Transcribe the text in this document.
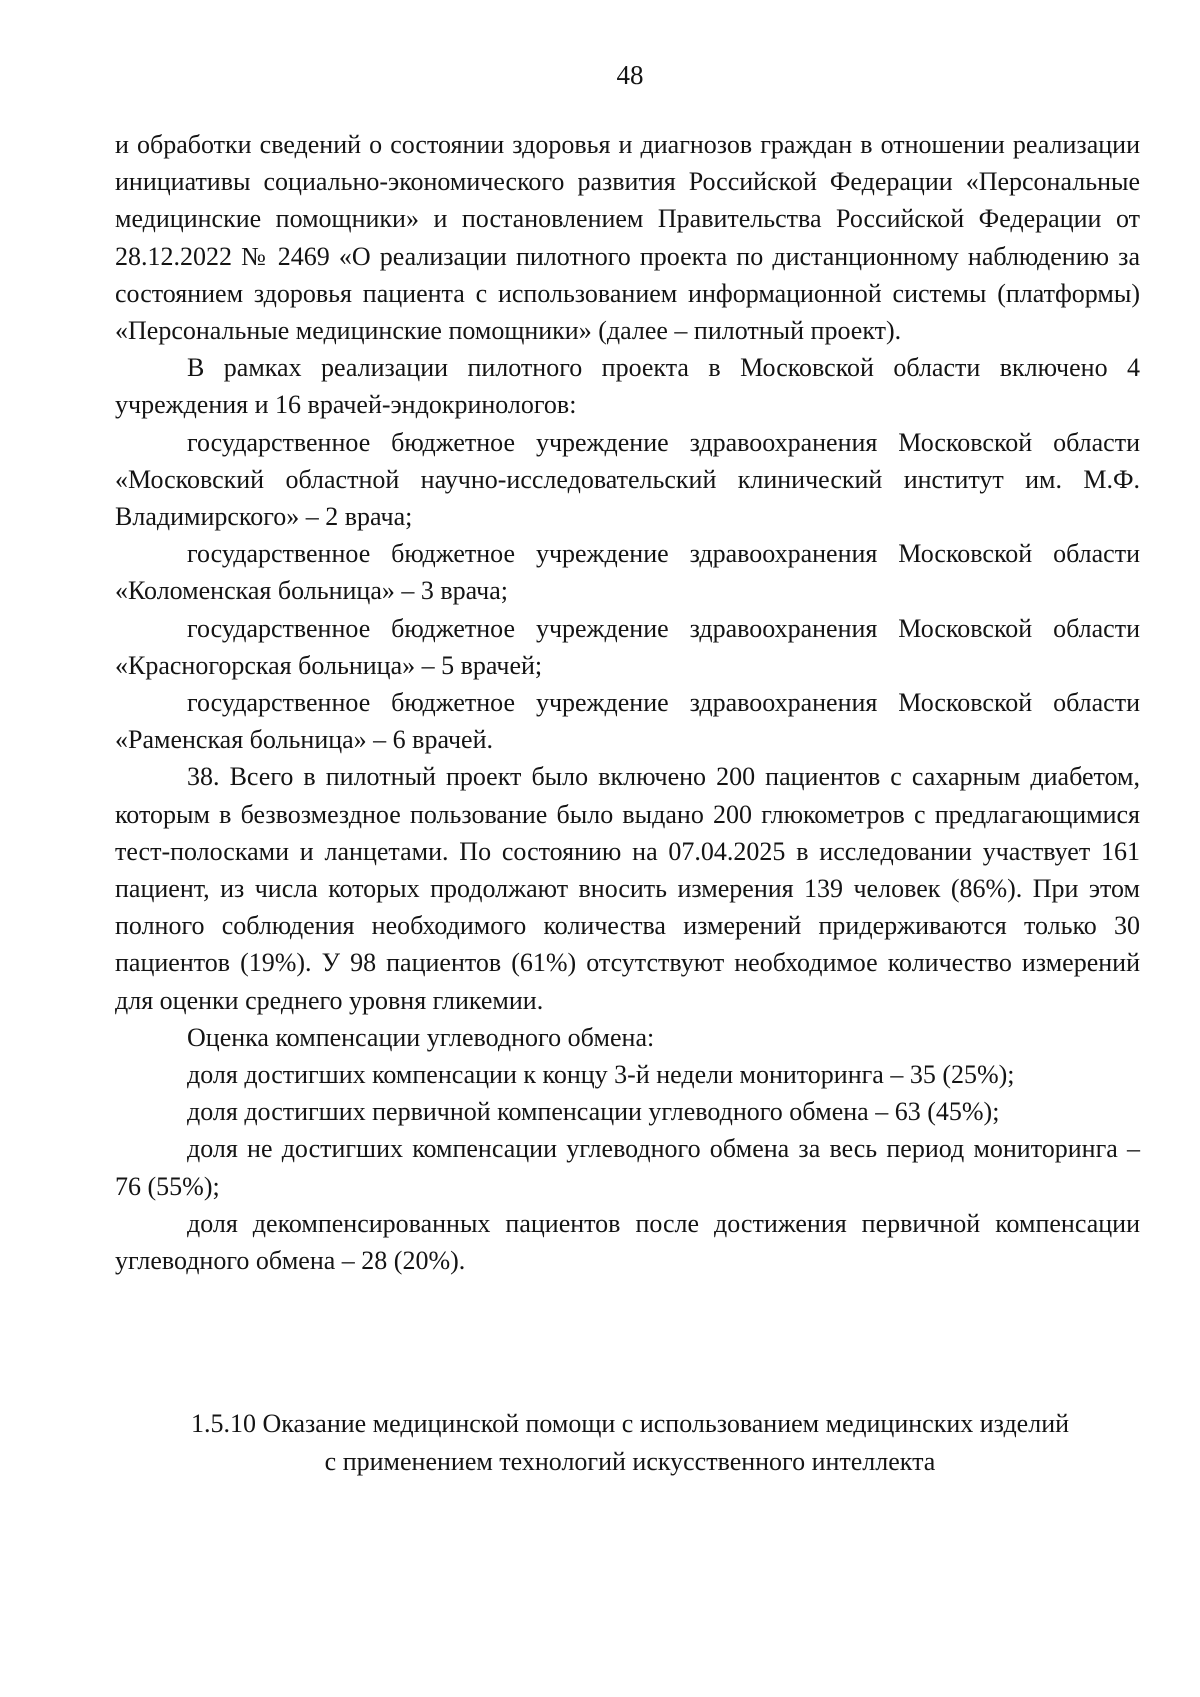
48

и обработки сведений о состоянии здоровья и диагнозов граждан в отношении реализации инициативы социально-экономического развития Российской Федерации «Персональные медицинские помощники» и постановлением Правительства Российской Федерации от 28.12.2022 № 2469 «О реализации пилотного проекта по дистанционному наблюдению за состоянием здоровья пациента с использованием информационной системы (платформы) «Персональные медицинские помощники» (далее – пилотный проект).

В рамках реализации пилотного проекта в Московской области включено 4 учреждения и 16 врачей-эндокринологов:

государственное бюджетное учреждение здравоохранения Московской области «Московский областной научно-исследовательский клинический институт им. М.Ф. Владимирского» – 2 врача;

государственное бюджетное учреждение здравоохранения Московской области «Коломенская больница» – 3 врача;

государственное бюджетное учреждение здравоохранения Московской области «Красногорская больница» – 5 врачей;

государственное бюджетное учреждение здравоохранения Московской области «Раменская больница» – 6 врачей.

38. Всего в пилотный проект было включено 200 пациентов с сахарным диабетом, которым в безвозмездное пользование было выдано 200 глюкометров с предлагающимися тест-полосками и ланцетами. По состоянию на 07.04.2025 в исследовании участвует 161 пациент, из числа которых продолжают вносить измерения 139 человек (86%). При этом полного соблюдения необходимого количества измерений придерживаются только 30 пациентов (19%). У 98 пациентов (61%) отсутствуют необходимое количество измерений для оценки среднего уровня гликемии.

Оценка компенсации углеводного обмена:

доля достигших компенсации к концу 3-й недели мониторинга – 35 (25%);

доля достигших первичной компенсации углеводного обмена – 63 (45%);

доля не достигших компенсации углеводного обмена за весь период мониторинга – 76 (55%);

доля декомпенсированных пациентов после достижения первичной компенсации углеводного обмена – 28 (20%).

1.5.10 Оказание медицинской помощи с использованием медицинских изделий
с применением технологий искусственного интеллекта
